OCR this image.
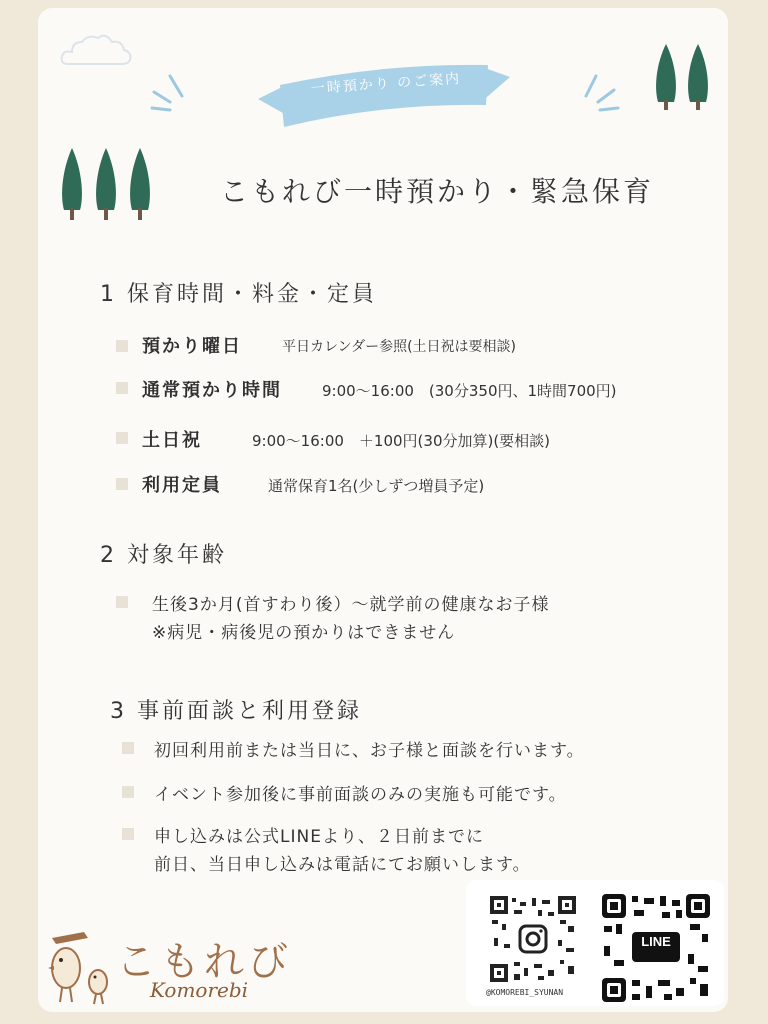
一時預かり のご案内
こもれび一時預かり・緊急保育
1 保育時間・料金・定員
預かり曜日	平日カレンダー参照(土日祝は要相談)
通常預かり時間	9:00～16:00　(30分350円、1時間700円)
土日祝	9:00～16:00　＋100円(30分加算)(要相談)
利用定員	通常保育1名(少しずつ増員予定)
2 対象年齢
生後3か月(首すわり後）～就学前の健康なお子様
※病児・病後児の預かりはできません
3 事前面談と利用登録
初回利用前または当日に、お子様と面談を行います。
イベント参加後に事前面談のみの実施も可能です。
申し込みは公式LINEより、２日前までに
前日、当日申し込みは電話にてお願いします。
こもれび
Komorebi	@KOMOREBI_SYUNAN
LINE
